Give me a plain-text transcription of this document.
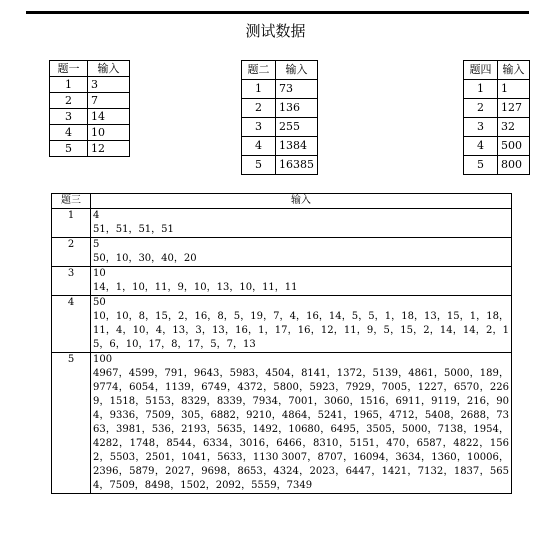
测试数据
题一	输入
1	3
2	7
3	14
4	10
5	12
题二	输入
1	73
2	136
3	255
4	1384
5	16385
题四	输入
1	1
2	127
3	32
4	500
5	800
题三	输入
1	4
51，51，51，51

2	5
50，10，30，40，20

3	10
14，1，10，11，9，10，13，10，11，11

4	50
10，10，8，15，2，16，8，5，19，7，4，16，14，5，5，1，18，13，15，1，18，11，4，10，4，13，3，13，16，1，17，16，12，11，9，5，15，2，14，14，2，15，6，10，17，8，17，5，7，13

5	100
4967，4599，791，9643，5983，4504，8141，1372，5139，4861，5000，189，9774，6054，1139，6749，4372，5800，5923，7929，7005，1227，6570，2269，1518，5153，8329，8339，7934，7001，3060，1516，6911，9119，216，904，9336，7509，305，6882，9210，4864，5241，1965，4712，5408，2688，7363，3981，536，2193，5635，1492，10680，6495，3505，5000，7138，1954，4282，1748，8544，6334，3016，6466，8310，5151，470，6587，4822，1562，5503，2501，1041，5633，1130 3007，8707，16094，3634，1360，10006，2396，5879，2027，9698，8653，4324，2023，6447，1421，7132，1837，5654，7509，8498，1502，2092，5559，7349
